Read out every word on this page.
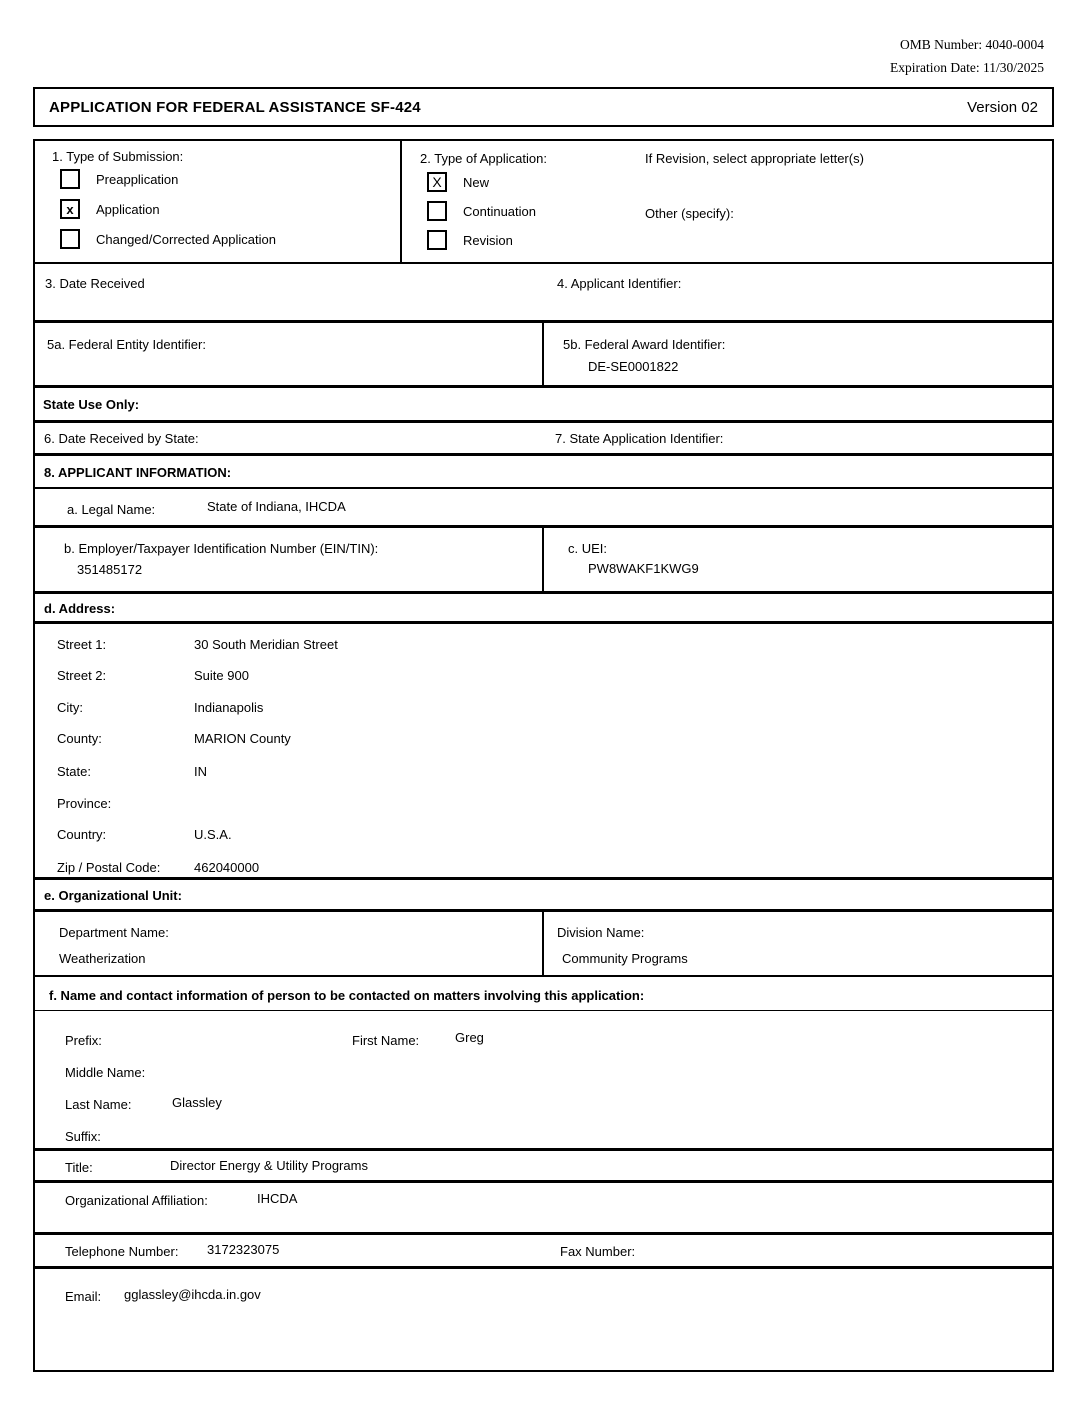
OMB Number: 4040-0004
Expiration Date: 11/30/2025
APPLICATION FOR FEDERAL ASSISTANCE SF-424	Version 02
1. Type of Submission:
Preapplication
x	Application
Changed/Corrected Application
2. Type of Application:	If Revision, select appropriate letter(s)
X	New
Continuation
Revision
Other (specify):
3. Date Received	4. Applicant Identifier:
5a. Federal Entity Identifier:	5b. Federal Award Identifier:
DE-SE0001822
State Use Only:
6. Date Received by State:	7. State Application Identifier:
8. APPLICANT INFORMATION:
a. Legal Name:	State of Indiana, IHCDA
b. Employer/Taxpayer Identification Number (EIN/TIN):
351485172
c. UEI:
PW8WAKF1KWG9
d. Address:
Street 1:	30 South Meridian Street
Street 2:	Suite 900
City:	Indianapolis
County:	MARION County
State:	IN
Province:
Country:	U.S.A.
Zip / Postal Code:	462040000
e. Organizational Unit:
Department Name:
Weatherization
Division Name:
Community Programs
f. Name and contact information of person to be contacted on matters involving this application:
Prefix:	First Name:	Greg
Middle Name:
Last Name:	Glassley
Suffix:
Title:	Director Energy & Utility Programs
Organizational Affiliation:	IHCDA
Telephone Number: 3172323075	Fax Number:
Email: gglassley@ihcda.in.gov
